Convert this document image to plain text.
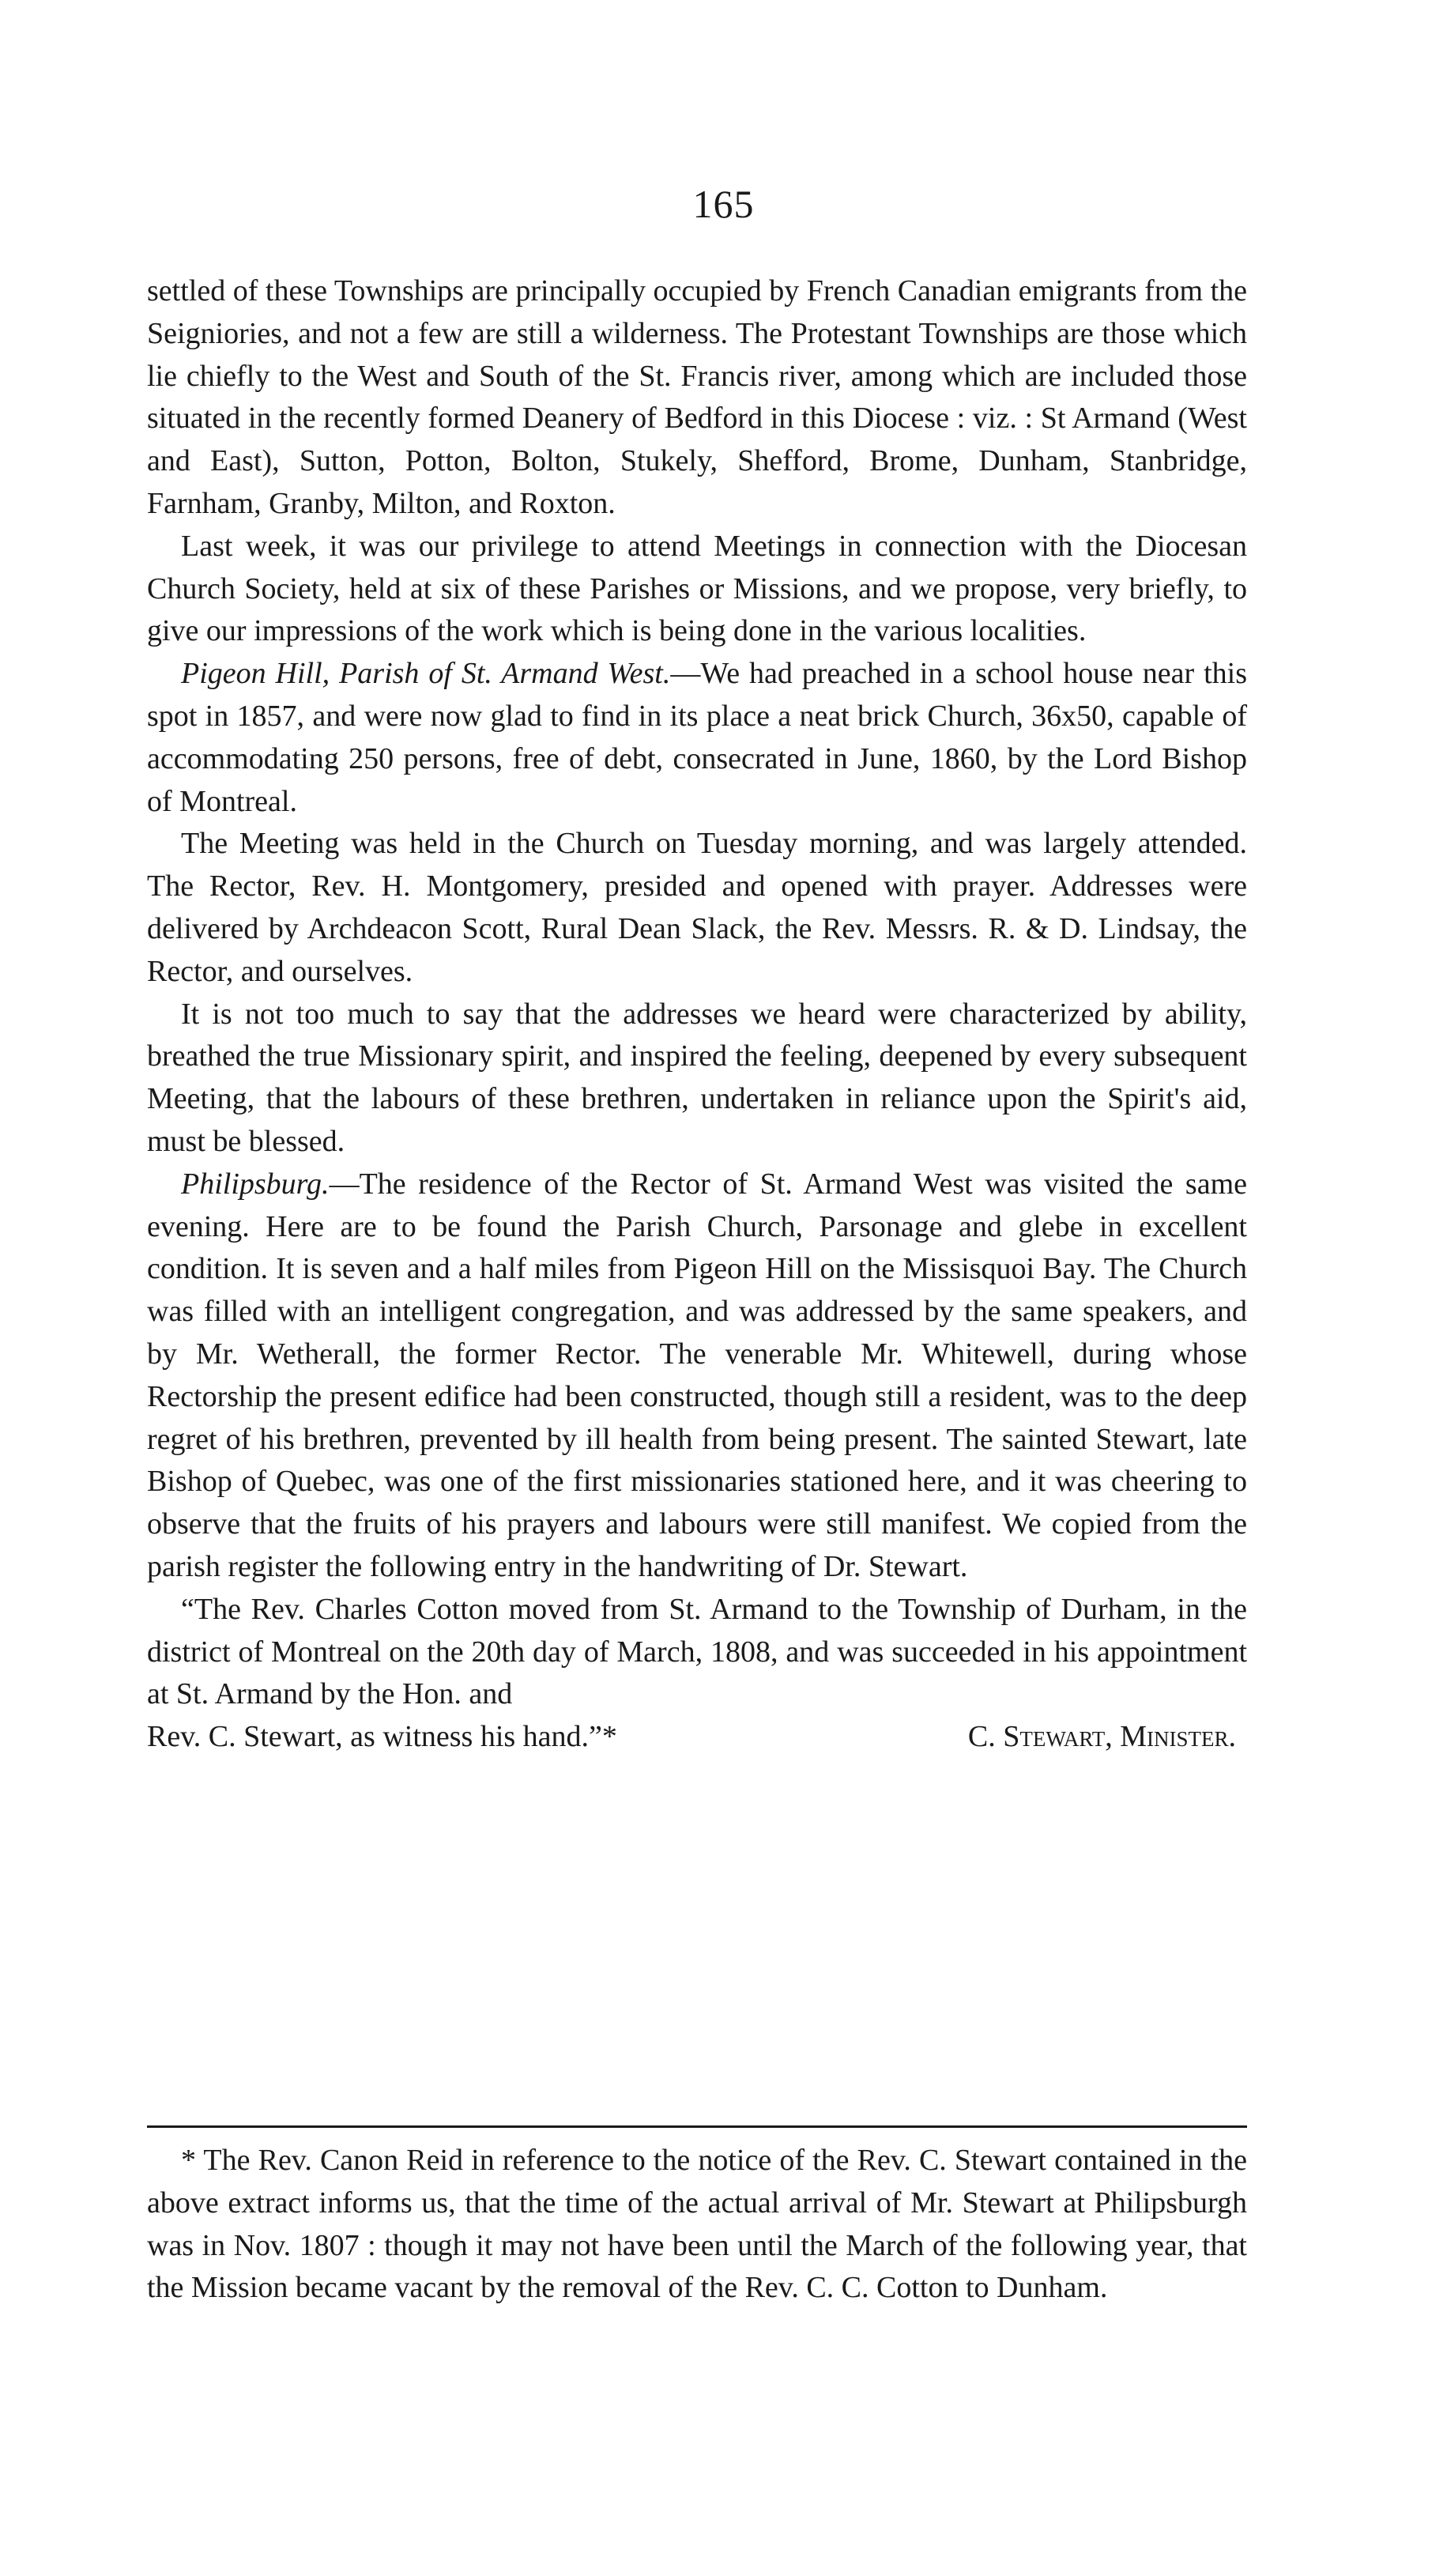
165

settled of these Townships are principally occupied by French Canadian emigrants from the Seigniories, and not a few are still a wilderness. The Protestant Townships are those which lie chiefly to the West and South of the St. Francis river, among which are included those situated in the recently formed Deanery of Bedford in this Diocese : viz. : St Armand (West and East), Sutton, Potton, Bolton, Stukely, Shefford, Brome, Dunham, Stanbridge, Farnham, Granby, Milton, and Roxton.

Last week, it was our privilege to attend Meetings in connection with the Diocesan Church Society, held at six of these Parishes or Missions, and we propose, very briefly, to give our impressions of the work which is being done in the various localities.

Pigeon Hill, Parish of St. Armand West.—We had preached in a school house near this spot in 1857, and were now glad to find in its place a neat brick Church, 36x50, capable of accommodating 250 persons, free of debt, consecrated in June, 1860, by the Lord Bishop of Montreal.

The Meeting was held in the Church on Tuesday morning, and was largely attended. The Rector, Rev. H. Montgomery, presided and opened with prayer. Addresses were delivered by Archdeacon Scott, Rural Dean Slack, the Rev. Messrs. R. & D. Lindsay, the Rector, and ourselves.

It is not too much to say that the addresses we heard were characterized by ability, breathed the true Missionary spirit, and inspired the feeling, deepened by every subsequent Meeting, that the labours of these brethren, undertaken in reliance upon the Spirit's aid, must be blessed.

Philipsburg.—The residence of the Rector of St. Armand West was visited the same evening. Here are to be found the Parish Church, Parsonage and glebe in excellent condition. It is seven and a half miles from Pigeon Hill on the Missisquoi Bay. The Church was filled with an intelligent congregation, and was addressed by the same speakers, and by Mr. Wetherall, the former Rector. The venerable Mr. Whitewell, during whose Rectorship the present edifice had been constructed, though still a resident, was to the deep regret of his brethren, prevented by ill health from being present. The sainted Stewart, late Bishop of Quebec, was one of the first missionaries stationed here, and it was cheering to observe that the fruits of his prayers and labours were still manifest. We copied from the parish register the following entry in the handwriting of Dr. Stewart.

“The Rev. Charles Cotton moved from St. Armand to the Township of Durham, in the district of Montreal on the 20th day of March, 1808, and was succeeded in his appointment at St. Armand by the Hon. and

Rev. C. Stewart, as witness his hand.”*	C. Stewart, Minister.

* The Rev. Canon Reid in reference to the notice of the Rev. C. Stewart contained in the above extract informs us, that the time of the actual arrival of Mr. Stewart at Philipsburgh was in Nov. 1807 : though it may not have been until the March of the following year, that the Mission became vacant by the removal of the Rev. C. C. Cotton to Dunham.
